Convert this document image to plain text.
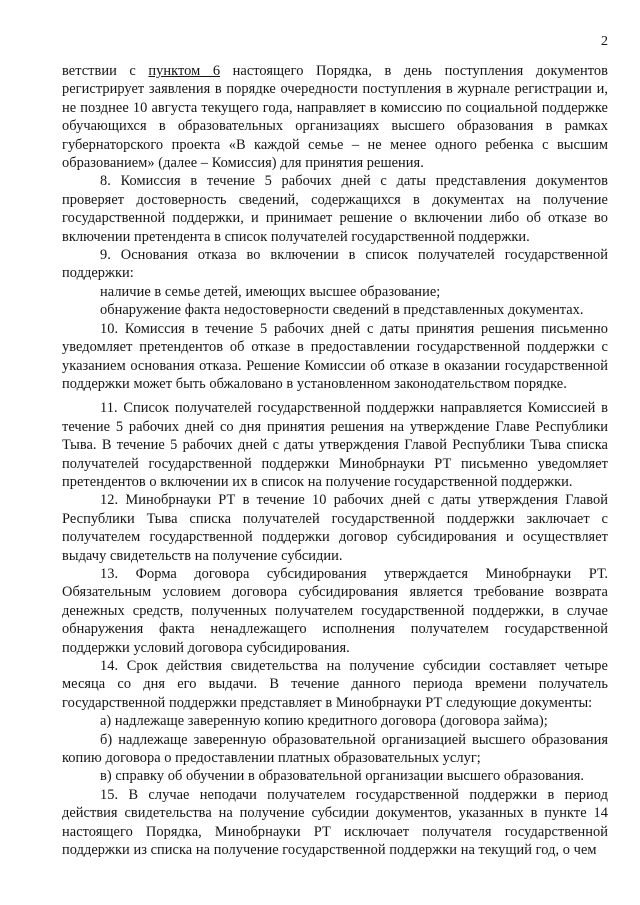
2

ветствии с пунктом 6 настоящего Порядка, в день поступления документов регистрирует заявления в порядке очередности поступления в журнале регистрации и, не позднее 10 августа текущего года, направляет в комиссию по социальной поддержке обучающихся в образовательных организациях высшего образования в рамках губернаторского проекта «В каждой семье – не менее одного ребенка с высшим образованием» (далее – Комиссия) для принятия решения.

8. Комиссия в течение 5 рабочих дней с даты представления документов проверяет достоверность сведений, содержащихся в документах на получение государственной поддержки, и принимает решение о включении либо об отказе во включении претендента в список получателей государственной поддержки.

9. Основания отказа во включении в список получателей государственной поддержки:

наличие в семье детей, имеющих высшее образование;

обнаружение факта недостоверности сведений в представленных документах.

10. Комиссия в течение 5 рабочих дней с даты принятия решения письменно уведомляет претендентов об отказе в предоставлении государственной поддержки с указанием основания отказа. Решение Комиссии об отказе в оказании государственной поддержки может быть обжаловано в установленном законодательством порядке.

11. Список получателей государственной поддержки направляется Комиссией в течение 5 рабочих дней со дня принятия решения на утверждение Главе Республики Тыва. В течение 5 рабочих дней с даты утверждения Главой Республики Тыва списка получателей государственной поддержки Минобрнауки РТ письменно уведомляет претендентов о включении их в список на получение государственной поддержки.

12. Минобрнауки РТ в течение 10 рабочих дней с даты утверждения Главой Республики Тыва списка получателей государственной поддержки заключает с получателем государственной поддержки договор субсидирования и осуществляет выдачу свидетельств на получение субсидии.

13. Форма договора субсидирования утверждается Минобрнауки РТ. Обязательным условием договора субсидирования является требование возврата денежных средств, полученных получателем государственной поддержки, в случае обнаружения факта ненадлежащего исполнения получателем государственной поддержки условий договора субсидирования.

14. Срок действия свидетельства на получение субсидии составляет четыре месяца со дня его выдачи. В течение данного периода времени получатель государственной поддержки представляет в Минобрнауки РТ следующие документы:

а) надлежаще заверенную копию кредитного договора (договора займа);

б) надлежаще заверенную образовательной организацией высшего образования копию договора о предоставлении платных образовательных услуг;

в) справку об обучении в образовательной организации высшего образования.

15. В случае неподачи получателем государственной поддержки в период действия свидетельства на получение субсидии документов, указанных в пункте 14 настоящего Порядка, Минобрнауки РТ исключает получателя государственной поддержки из списка на получение государственной поддержки на текущий год, о чем
